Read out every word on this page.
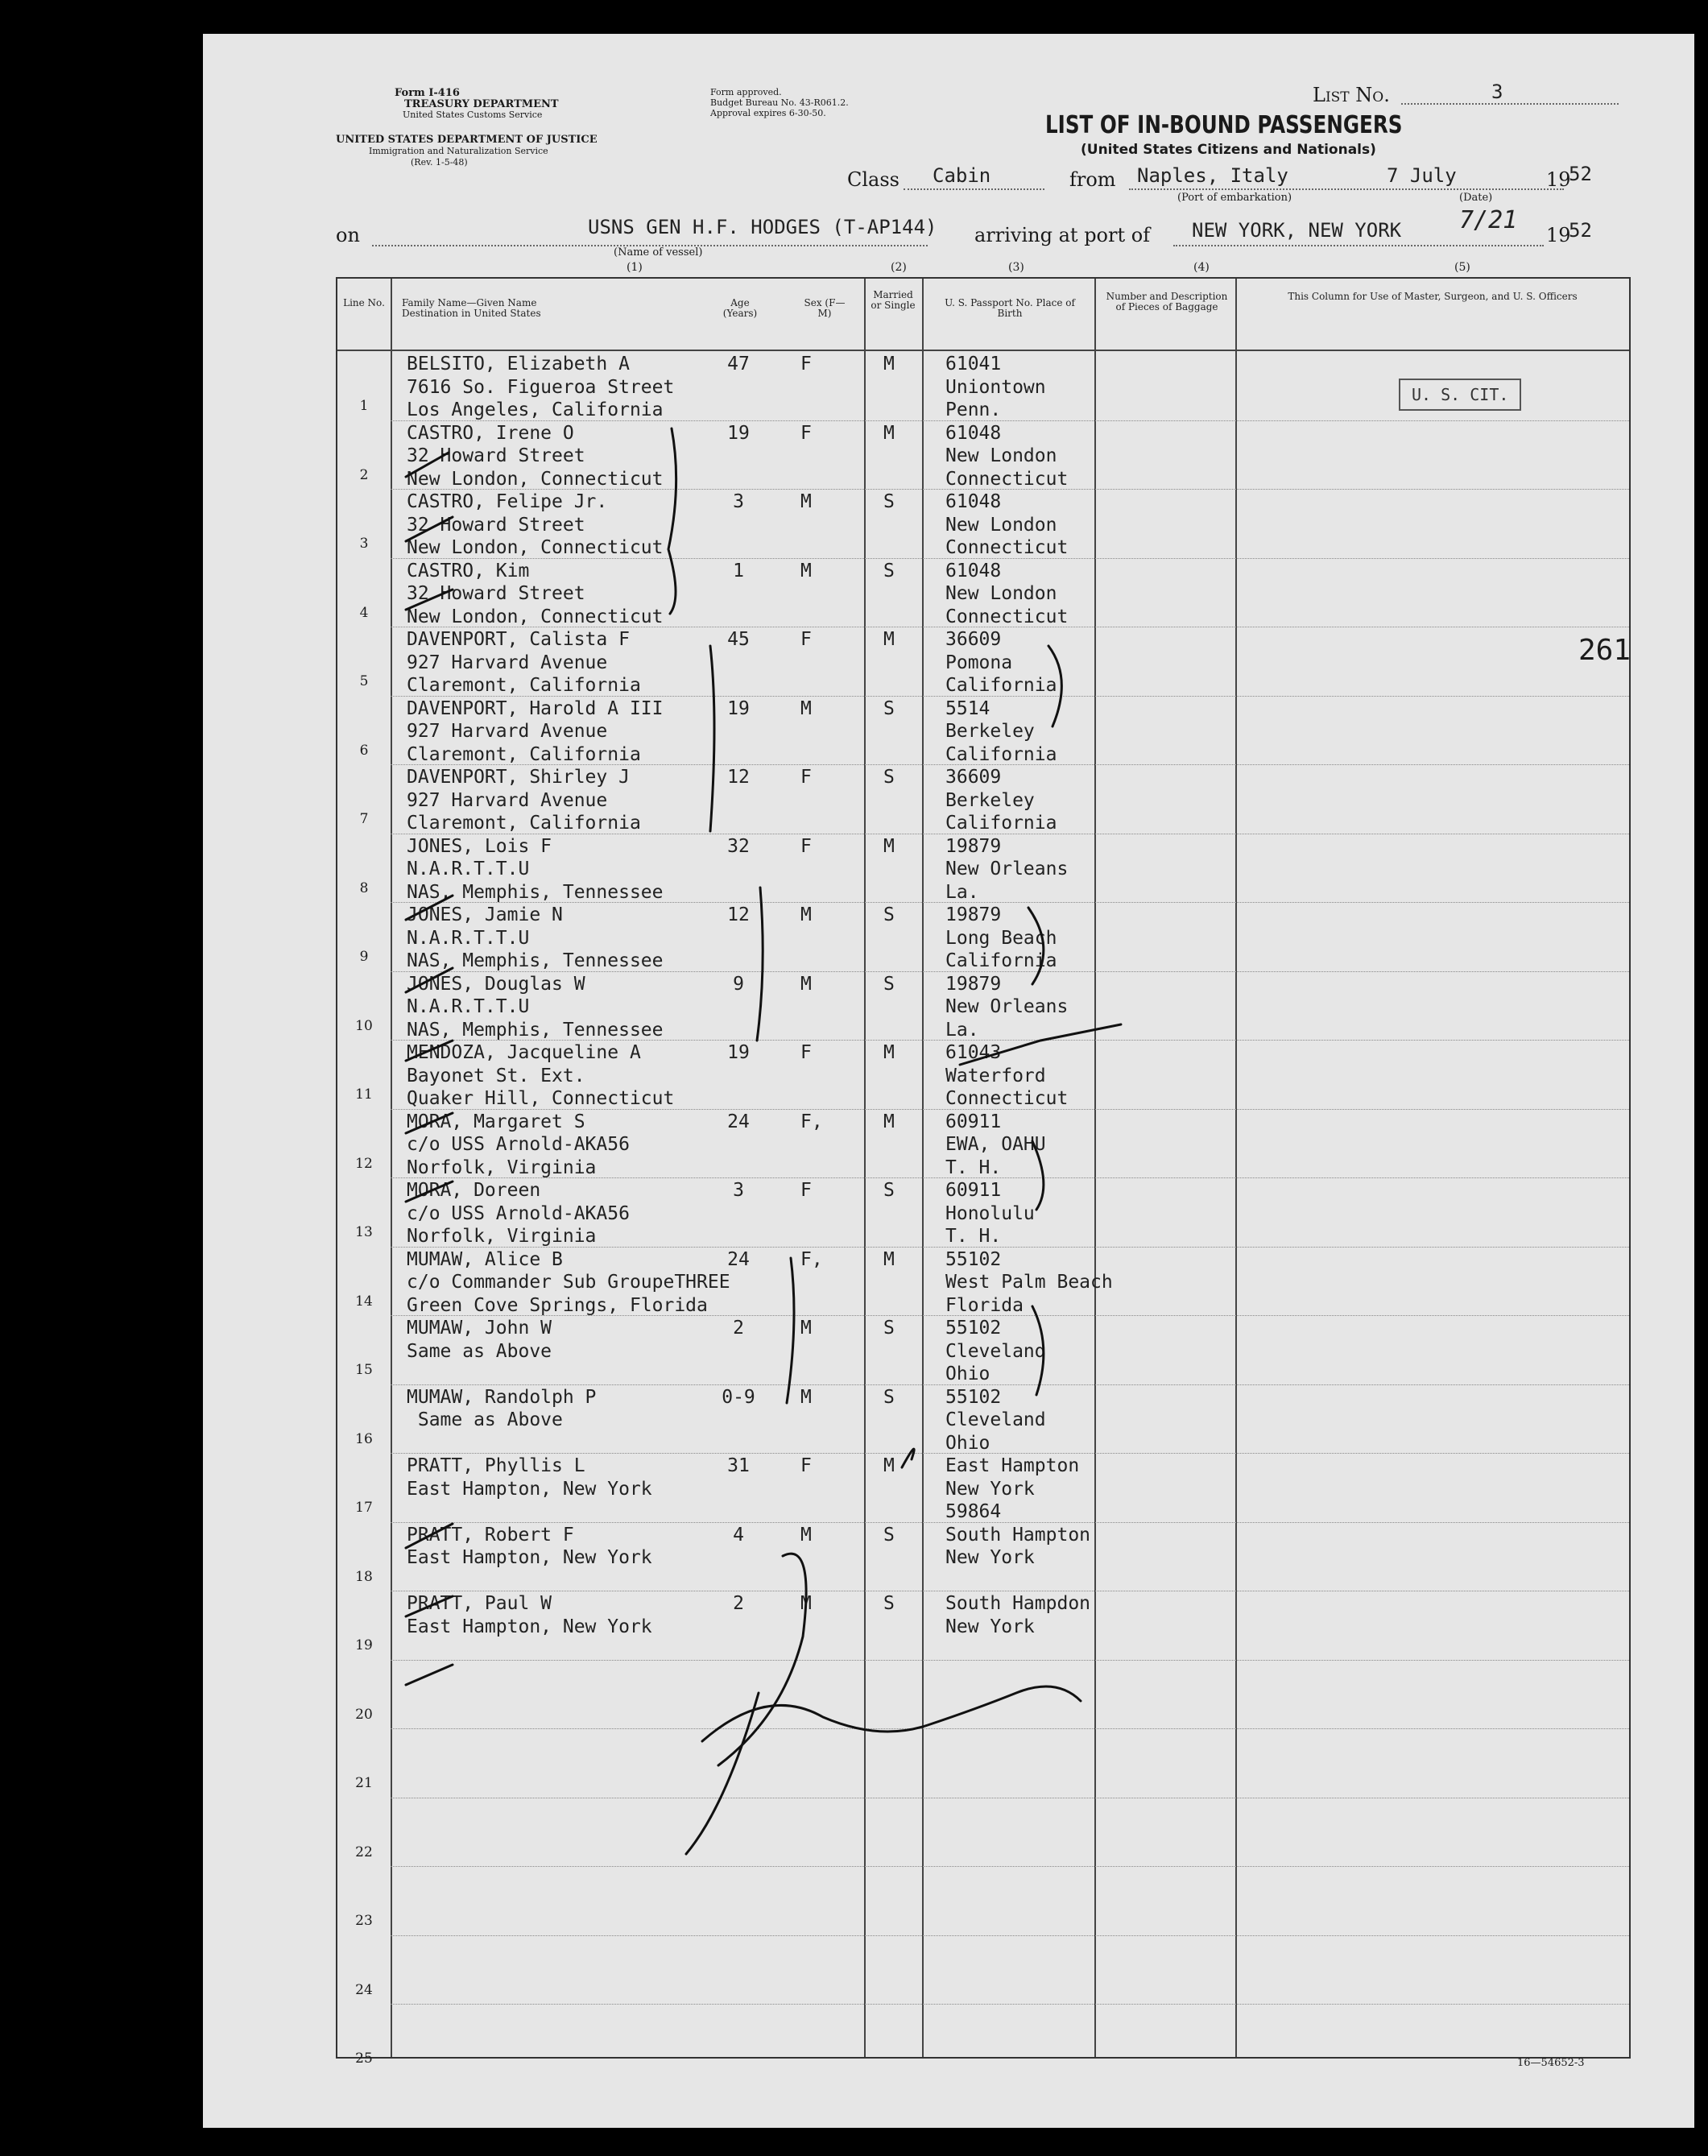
Form I-416
TREASURY DEPARTMENT
United States Customs Service
UNITED STATES DEPARTMENT OF JUSTICE
Immigration and Naturalization Service
(Rev. 1-5-48)
Form approved.
Budget Bureau No. 43-R061.2.
Approval expires 6-30-50.
List No.	3
LIST OF IN-BOUND PASSENGERS
(United States Citizens and Nationals)
Class Cabin	from Naples, Italy
(Port of embarkation)
7 July
(Date)
19
52
on	USNS GEN H.F. HODGES (T-AP144)
(Name of vessel)
arriving at port of NEW YORK, NEW YORK 7/21
19
52
(1)	(2)	(3)	(4)	(5)
Line No. Family Name—Given Name Destination in United States
Age (Years)
Sex (F—M)
Married or Single	U. S. Passport No. Place of Birth
Number and Description of Pieces of Baggage
This Column for Use of Master, Surgeon, and U. S. Officers
1
BELSITO, Elizabeth A
7616 So. Figueroa Street
Los Angeles, California
47	F	M	61041
Uniontown
Penn.
2
CASTRO, Irene O
32 Howard Street
New London, Connecticut
19	F	M	61048
New London
Connecticut
3
CASTRO, Felipe Jr.
32 Howard Street
New London, Connecticut
3	M	S	61048
New London
Connecticut
4
CASTRO, Kim
32 Howard Street
New London, Connecticut
1	M	S	61048
New London
Connecticut
5
DAVENPORT, Calista F
927 Harvard Avenue
Claremont, California
45	F	M	36609
Pomona
California
6
DAVENPORT, Harold A III
927 Harvard Avenue
Claremont, California
19	M	S	5514
Berkeley
California
7
DAVENPORT, Shirley J
927 Harvard Avenue
Claremont, California
12	F	S	36609
Berkeley
California
8
JONES, Lois F
N.A.R.T.T.U
NAS, Memphis, Tennessee
32	F	M	19879
New Orleans
La.
9
JONES, Jamie N
N.A.R.T.T.U
NAS, Memphis, Tennessee
12	M	S	19879
Long Beach
California
10
JONES, Douglas W
N.A.R.T.T.U
NAS, Memphis, Tennessee
9	M	S	19879
New Orleans
La.
11
MENDOZA, Jacqueline A
Bayonet St. Ext.
Quaker Hill, Connecticut
19	F	M	61043
Waterford
Connecticut
12
MORA, Margaret S
c/o USS Arnold-AKA56
Norfolk, Virginia
24	F,	M	60911
EWA, OAHU
T. H.
13
MORA, Doreen
c/o USS Arnold-AKA56
Norfolk, Virginia
3	F	S	60911
Honolulu
T. H.
14
MUMAW, Alice B
c/o Commander Sub GroupeTHREE
Green Cove Springs, Florida
24	F,	M	55102
West Palm Beach
Florida
15
MUMAW, John W
Same as Above
2	M	S	55102
Cleveland
Ohio
16
MUMAW, Randolph P
Same as Above
0-9	M	S	55102
Cleveland
Ohio
17
PRATT, Phyllis L
East Hampton, New York
31	F	M	East Hampton
New York
59864
18
PRATT, Robert F
East Hampton, New York
4	M	S	South Hampton
New York
19
PRATT, Paul W
East Hampton, New York
2	M	S	South Hampdon
New York
20
21
22
23
24
25
U. S. CIT.
261
16—54652-3
